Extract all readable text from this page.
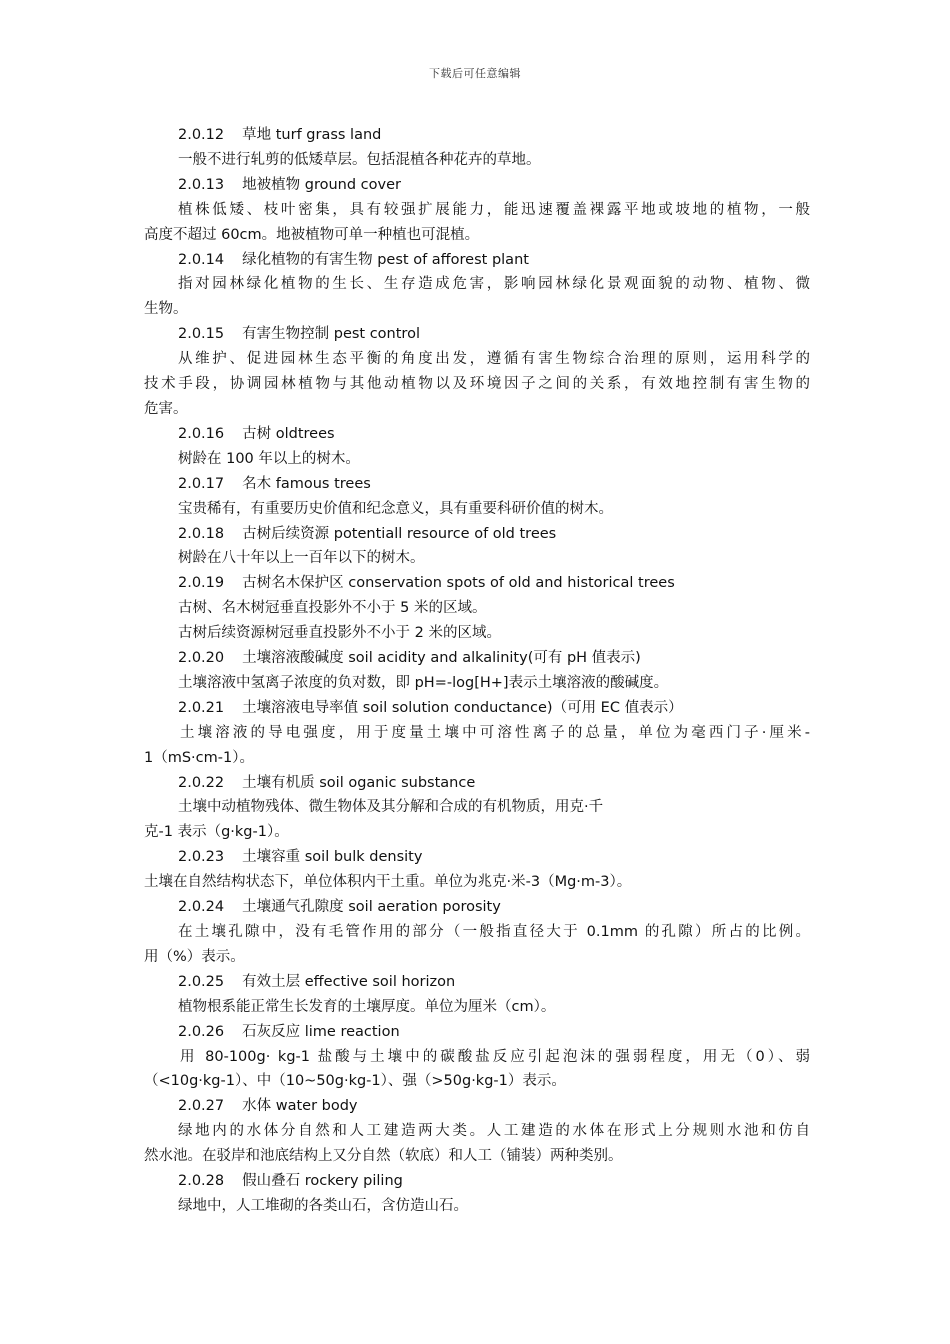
下载后可任意编辑
2.0.12 草地 turf grass land
一般不进行轧剪的低矮草层。包括混植各种花卉的草地。
2.0.13 地被植物 ground cover
植株低矮、枝叶密集，具有较强扩展能力，能迅速覆盖裸露平地或坡地的植物，一般
高度不超过 60cm。地被植物可单一种植也可混植。
2.0.14 绿化植物的有害生物 pest of afforest plant
指对园林绿化植物的生长、生存造成危害，影响园林绿化景观面貌的动物、植物、微
生物。
2.0.15 有害生物控制 pest control
从维护、促进园林生态平衡的角度出发，遵循有害生物综合治理的原则，运用科学的
技术手段，协调园林植物与其他动植物以及环境因子之间的关系，有效地控制有害生物的
危害。
2.0.16 古树 oldtrees
树龄在 100 年以上的树木。
2.0.17 名木 famous trees
宝贵稀有，有重要历史价值和纪念意义，具有重要科研价值的树木。
2.0.18 古树后续资源 potentiall resource of old trees
树龄在八十年以上一百年以下的树木。
2.0.19 古树名木保护区 conservation spots of old and historical trees
古树、名木树冠垂直投影外不小于 5 米的区域。
古树后续资源树冠垂直投影外不小于 2 米的区域。
2.0.20 土壤溶液酸碱度 soil acidity and alkalinity(可有 pH 值表示)
土壤溶液中氢离子浓度的负对数，即 pH=-log[H+]表示土壤溶液的酸碱度。
2.0.21 土壤溶液电导率值 soil solution conductance)（可用 EC 值表示）
土壤溶液的导电强度，用于度量土壤中可溶性离子的总量，单位为毫西门子·厘米-
1（mS·cm-1）。
2.0.22 土壤有机质 soil oganic substance
土壤中动植物残体、微生物体及其分解和合成的有机物质，用克·千
克-1 表示（g·kg-1）。
2.0.23 土壤容重 soil bulk density
土壤在自然结构状态下，单位体积内干土重。单位为兆克·米-3（Mg·m-3）。
2.0.24 土壤通气孔隙度 soil aeration porosity
在土壤孔隙中，没有毛管作用的部分（一般指直径大于 0.1mm 的孔隙）所占的比例。
用（%）表示。
2.0.25 有效土层 effective soil horizon
植物根系能正常生长发育的土壤厚度。单位为厘米（cm）。
2.0.26 石灰反应 lime reaction
用 80-100g· kg-1 盐酸与土壤中的碳酸盐反应引起泡沫的强弱程度，用无（0）、弱
（<10g·kg-1）、中（10~50g·kg-1）、强（>50g·kg-1）表示。
2.0.27 水体 water body
绿地内的水体分自然和人工建造两大类。人工建造的水体在形式上分规则水池和仿自
然水池。在驳岸和池底结构上又分自然（软底）和人工（铺装）两种类别。
2.0.28 假山叠石 rockery piling
绿地中，人工堆砌的各类山石，含仿造山石。
